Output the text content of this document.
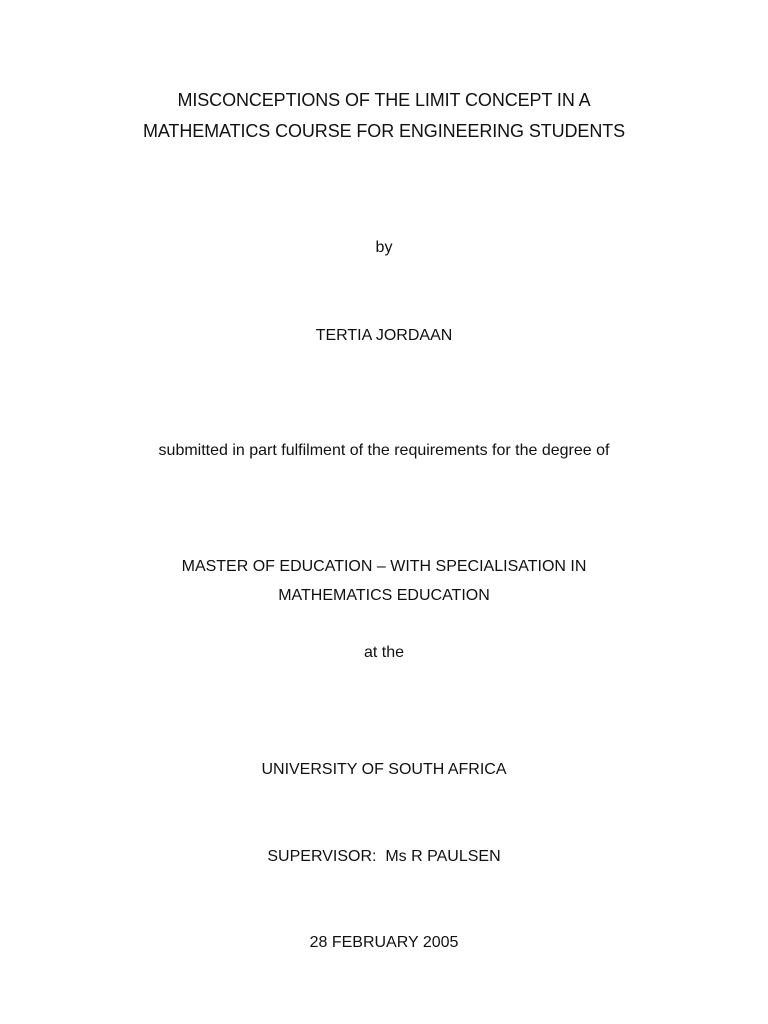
MISCONCEPTIONS OF THE LIMIT CONCEPT IN A
MATHEMATICS COURSE FOR ENGINEERING STUDENTS
by
TERTIA JORDAAN
submitted in part fulfilment of the requirements for the degree of
MASTER OF EDUCATION – WITH SPECIALISATION IN
MATHEMATICS EDUCATION
at the
UNIVERSITY OF SOUTH AFRICA
SUPERVISOR:  Ms R PAULSEN
28 FEBRUARY 2005
